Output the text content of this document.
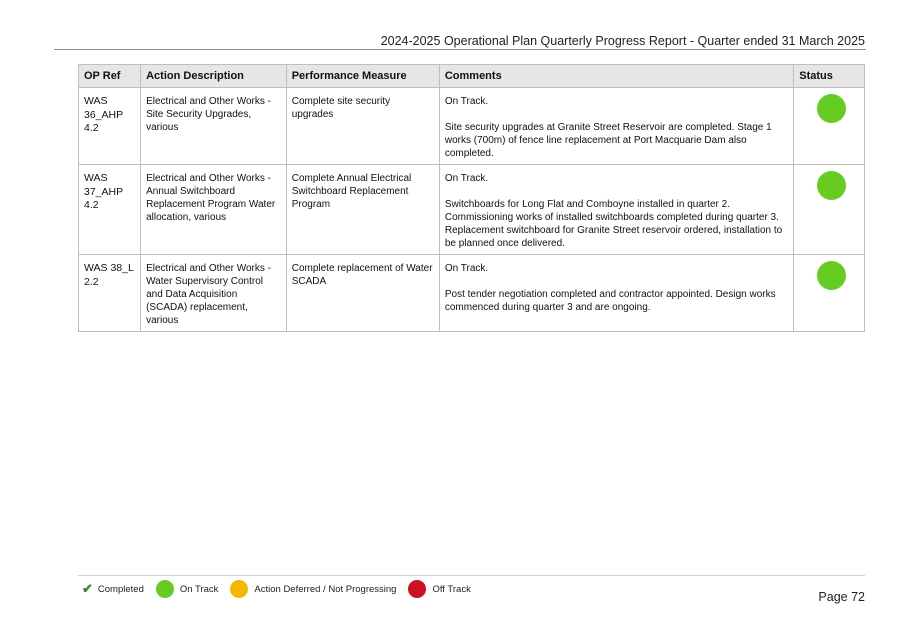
2024-2025 Operational Plan Quarterly Progress Report - Quarter ended 31 March 2025
OP Ref	Action Description	Performance Measure	Comments	Status
WAS 36_AHP 4.2	Electrical and Other Works - Site Security Upgrades, various	Complete site security upgrades	On Track.
Site security upgrades at Granite Street Reservoir are completed. Stage 1 works (700m) of fence line replacement at Port Macquarie Dam also completed.	

WAS 37_AHP 4.2	Electrical and Other Works - Annual Switchboard Replacement Program Water allocation, various	Complete Annual Electrical Switchboard Replacement Program	On Track.
Switchboards for Long Flat and Comboyne installed in quarter 2. Commissioning works of installed switchboards completed during quarter 3. Replacement switchboard for Granite Street reservoir ordered, installation to be planned once delivered.	

WAS 38_L 2.2	Electrical and Other Works - Water Supervisory Control and Data Acquisition (SCADA) replacement, various	Complete replacement of Water SCADA	On Track.
Post tender negotiation completed and contractor appointed. Design works commenced during quarter 3 and are ongoing.	

✔ Completed	On Track	Action Deferred / Not Progressing	Off Track
Page 72
